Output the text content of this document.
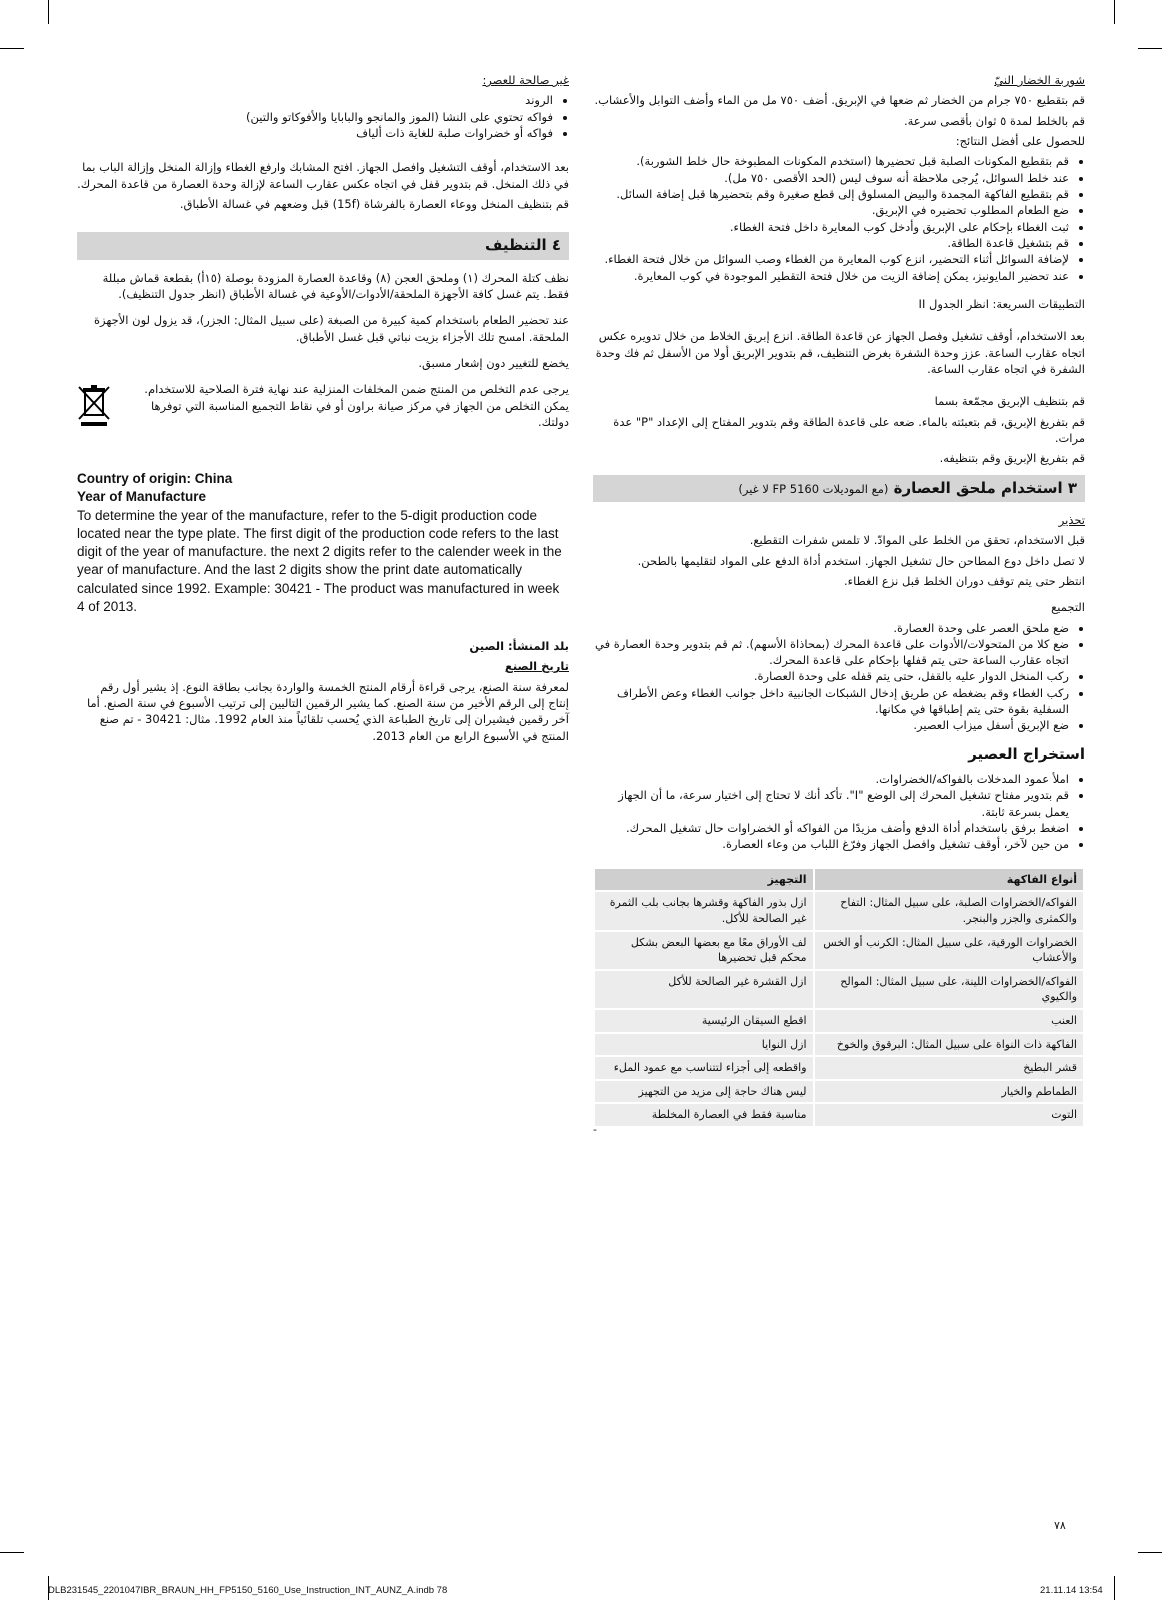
شوربة الخضار النيّ

قم بتقطيع ٧٥٠ جرام من الخضار ثم ضعها في الإبريق. أضف ٧٥٠ مل من الماء وأضف التوابل والأعشاب.

قم بالخلط لمدة ٥ ثوان بأقصى سرعة.

للحصول على أفضل النتائج:

• قم بتقطيع المكونات الصلبة قبل تحضيرها (استخدم المكونات المطبوخة حال خلط الشوربة).
• عند خلط السوائل، يُرجى ملاحظة أنه سوف ليس (الحد الأقصى ٧٥٠ مل).
• قم بتقطيع الفاكهة المجمدة والبيض المسلوق إلى قطع صغيرة وقم بتحضيرها قبل إضافة السائل.
• ضع الطعام المطلوب تحضيره في الإبريق.
• ثبت الغطاء بإحكام على الإبريق وأدخل كوب المعايرة داخل فتحة الغطاء.
• قم بتشغيل قاعدة الطاقة.
• لإضافة السوائل أثناء التحضير، انزع كوب المعايرة من الغطاء وصب السوائل من خلال فتحة الغطاء.
• عند تحضير المايونيز، يمكن إضافة الزيت من خلال فتحة التقطير الموجودة في كوب المعايرة.

التطبيقات السريعة: انظر الجدول II

بعد الاستخدام، أوقف تشغيل وفصل الجهاز عن قاعدة الطاقة. انزع إبريق الخلاط من خلال تدويره عكس اتجاه عقارب الساعة. عزز وحدة الشفرة بغرض التنظيف، قم بتدوير الإبريق أولا من الأسفل ثم فك وحدة الشفرة في اتجاه عقارب الساعة.

قم بتنظيف الإبريق مجمّعة بسما

قم بتفريغ الإبريق، قم بتعبئته بالماء. ضعه على قاعدة الطاقة وقم بتدوير المفتاح إلى الإعداد "P" عدة مرات.

قم بتفريغ الإبريق وقم بتنظيفه.

٣ استخدام ملحق العصارة (مع الموديلات FP 5160 لا غير)

تحذير

قبل الاستخدام، تحقق من الخلط على الموادّ. لا تلمس شفرات التقطيع.

لا تصل داخل دوع المطاحن حال تشغيل الجهاز. استخدم أداة الدفع على المواد لتقليمها بالطحن.

انتظر حتى يتم توقف دوران الخلط قبل نزع الغطاء.

التجميع

• ضع ملحق العصر على وحدة العصارة.
• ضع كلا من المتحولات/الأدوات على قاعدة المحرك (بمحاذاة الأسهم). ثم قم بتدوير وحدة العصارة في اتجاه عقارب الساعة حتى يتم قفلها بإحكام على قاعدة المحرك.
• ركب المنخل الدوار عليه بالقفل، حتى يتم قفله على وحدة العصارة.
• ركب الغطاء وقم بضغطه عن طريق إدخال الشبكات الجانبية داخل جوانب الغطاء وعض الأطراف السفلية بقوة حتى يتم إطباقها في مكانها.
• ضع الإبريق أسفل ميزاب العصير.
استخراج العصير
• املأ عمود المدخلات بالفواكه/الخضراوات.
• قم بتدوير مفتاح تشغيل المحرك إلى الوضع "I". تأكد أنك لا تحتاج إلى اختيار سرعة، ما أن الجهاز يعمل بسرعة ثابتة.
• اضغط برفق باستخدام أداة الدفع وأضف مزيدًا من الفواكه أو الخضراوات حال تشغيل المحرك.
• من حين لآخر، أوقف تشغيل وافصل الجهاز وفرّغ اللباب من وعاء العصارة.
أنواع الفاكهة	التجهيز
الفواكه/الخضراوات الصلبة، على سبيل المثال: التفاح والكمثرى والجزر والبنجر.	ازل بذور الفاكهة وقشرها بجانب بلب الثمرة غير الصالحة للأكل.
الخضراوات الورقية، على سبيل المثال: الكرنب أو الخس والأعشاب	لف الأوراق معًا مع بعضها البعض بشكل محكم قبل تحضيرها
الفواكه/الخضراوات اللينة، على سبيل المثال: الموالح والكيوي	ازل القشرة غير الصالحة للأكل
العنب	اقطع السيقان الرئيسية
الفاكهة ذات النواة على سبيل المثال: البرقوق والخوخ	ازل النوايا
قشر البطيخ	واقطعه إلى أجزاء لتتناسب مع عمود الملء
الطماطم والخيار	ليس هناك حاجة إلى مزيد من التجهيز
التوت	مناسبة فقط في العصارة المخلطة
-

غير صالحة للعصر:

• الروند
• فواكه تحتوي على النشا (الموز والمانجو والبابايا والأفوكاتو والتين)
• فواكه أو خضراوات صلبة للغاية ذات ألياف

بعد الاستخدام، أوقف التشغيل وافصل الجهاز. افتح المشابك وارفع الغطاء وإزالة المنخل وإزالة الباب بما في ذلك المنخل. قم بتدوير قفل في اتجاه عكس عقارب الساعة لإزالة وحدة العصارة من قاعدة المحرك.

قم بتنظيف المنخل ووعاء العصارة بالفرشاة (15f) قبل وضعهم في غسالة الأطباق.

٤ التنظيف

نظف كتلة المحرك (١) وملحق العجن (٨) وقاعدة العصارة المزودة بوصلة (١٥أ) بقطعة قماش مبللة فقط. يتم غسل كافة الأجهزة الملحقة/الأدوات/الأوعية في غسالة الأطباق (انظر جدول التنظيف).

عند تحضير الطعام باستخدام كمية كبيرة من الصبغة (على سبيل المثال: الجزر)، قد يزول لون الأجهزة الملحقة. امسح تلك الأجزاء بزيت نباتي قبل غسل الأطباق.

يخضع للتغيير دون إشعار مسبق.

يرجى عدم التخلص من المنتج ضمن المخلفات المنزلية عند نهاية فترة الصلاحية للاستخدام. يمكن التخلص من الجهاز في مركز صيانة براون أو في نقاط التجميع المناسبة التي توفرها دولتك.

Country of origin: China
Year of Manufacture
To determine the year of the manufacture, refer to the 5-digit production code located near the type plate. The first digit of the production code refers to the last digit of the year of manufacture. the next 2 digits refer to the calender week in the year of manufacture. And the last 2 digits show the print date automatically calculated since 1992. Example: 30421 - The product was manufactured in week 4 of 2013.

بلد المنشأ: الصين

تاريخ الصنع

لمعرفة سنة الصنع، يرجى قراءة أرقام المنتج الخمسة والواردة بجانب بطاقة النوع. إذ يشير أول رقم إنتاج إلى الرقم الأخير من سنة الصنع. كما يشير الرقمين التاليين إلى ترتيب الأسبوع في سنة الصنع. أما آخر رقمين فيشيران إلى تاريخ الطباعة الذي يُحسب تلقائياً منذ العام 1992. مثال: 30421 - تم صنع المنتج في الأسبوع الرابع من العام 2013.

٧٨
DLB231545_2201047IBR_BRAUN_HH_FP5150_5160_Use_Instruction_INT_AUNZ_A.indb 78	21.11.14 13:54
